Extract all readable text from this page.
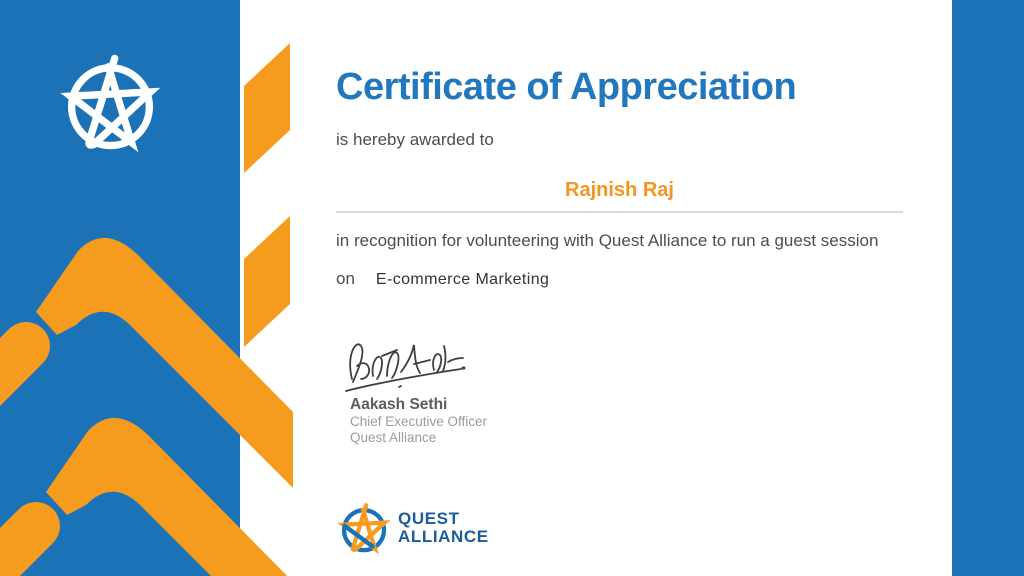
Certificate of Appreciation
is hereby awarded to
Rajnish Raj
in recognition for volunteering with Quest Alliance to run a guest session
on E-commerce Marketing
Aakash Sethi
Chief Executive Officer
Quest Alliance
QUEST
ALLIANCE
